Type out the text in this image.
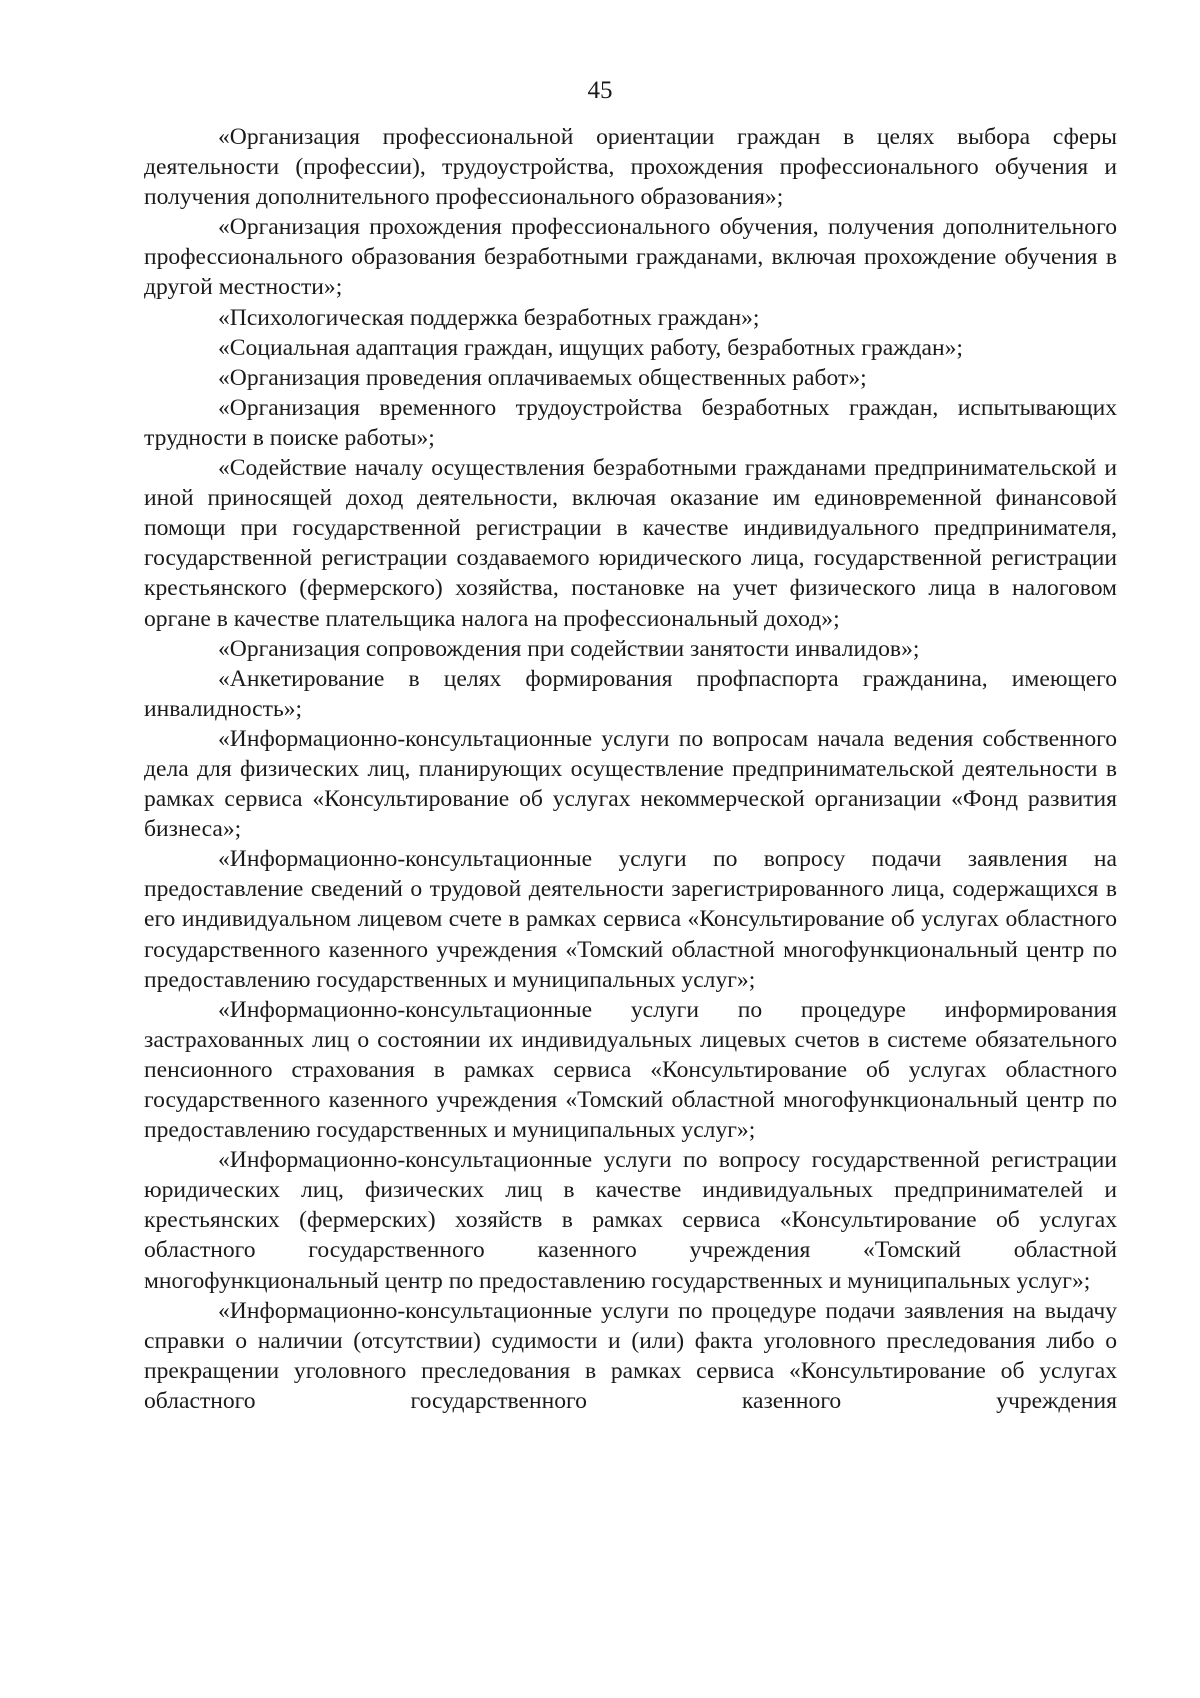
45

«Организация профессиональной ориентации граждан в целях выбора сферы деятельности (профессии), трудоустройства, прохождения профессионального обучения и получения дополнительного профессионального образования»;

«Организация прохождения профессионального обучения, получения дополнительного профессионального образования безработными гражданами, включая прохождение обучения в другой местности»;

«Психологическая поддержка безработных граждан»;

«Социальная адаптация граждан, ищущих работу, безработных граждан»;

«Организация проведения оплачиваемых общественных работ»;

«Организация временного трудоустройства безработных граждан, испытывающих трудности в поиске работы»;

«Содействие началу осуществления безработными гражданами предпринимательской и иной приносящей доход деятельности, включая оказание им единовременной финансовой помощи при государственной регистрации в качестве индивидуального предпринимателя, государственной регистрации создаваемого юридического лица, государственной регистрации крестьянского (фермерского) хозяйства, постановке на учет физического лица в налоговом органе в качестве плательщика налога на профессиональный доход»;

«Организация сопровождения при содействии занятости инвалидов»;

«Анкетирование в целях формирования профпаспорта гражданина, имеющего инвалидность»;

«Информационно-консультационные услуги по вопросам начала ведения собственного дела для физических лиц, планирующих осуществление предпринимательской деятельности в рамках сервиса «Консультирование об услугах некоммерческой организации «Фонд развития бизнеса»;

«Информационно-консультационные услуги по вопросу подачи заявления на предоставление сведений о трудовой деятельности зарегистрированного лица, содержащихся в его индивидуальном лицевом счете в рамках сервиса «Консультирование об услугах областного государственного казенного учреждения «Томский областной многофункциональный центр по предоставлению государственных и муниципальных услуг»;

«Информационно-консультационные услуги по процедуре информирования застрахованных лиц о состоянии их индивидуальных лицевых счетов в системе обязательного пенсионного страхования в рамках сервиса «Консультирование об услугах областного государственного казенного учреждения «Томский областной многофункциональный центр по предоставлению государственных и муниципальных услуг»;

«Информационно-консультационные услуги по вопросу государственной регистрации юридических лиц, физических лиц в качестве индивидуальных предпринимателей и крестьянских (фермерских) хозяйств в рамках сервиса «Консультирование об услугах областного государственного казенного учреждения «Томский областной многофункциональный центр по предоставлению государственных и муниципальных услуг»;

«Информационно-консультационные услуги по процедуре подачи заявления на выдачу справки о наличии (отсутствии) судимости и (или) факта уголовного преследования либо о прекращении уголовного преследования в рамках сервиса «Консультирование об услугах областного государственного казенного учреждения
